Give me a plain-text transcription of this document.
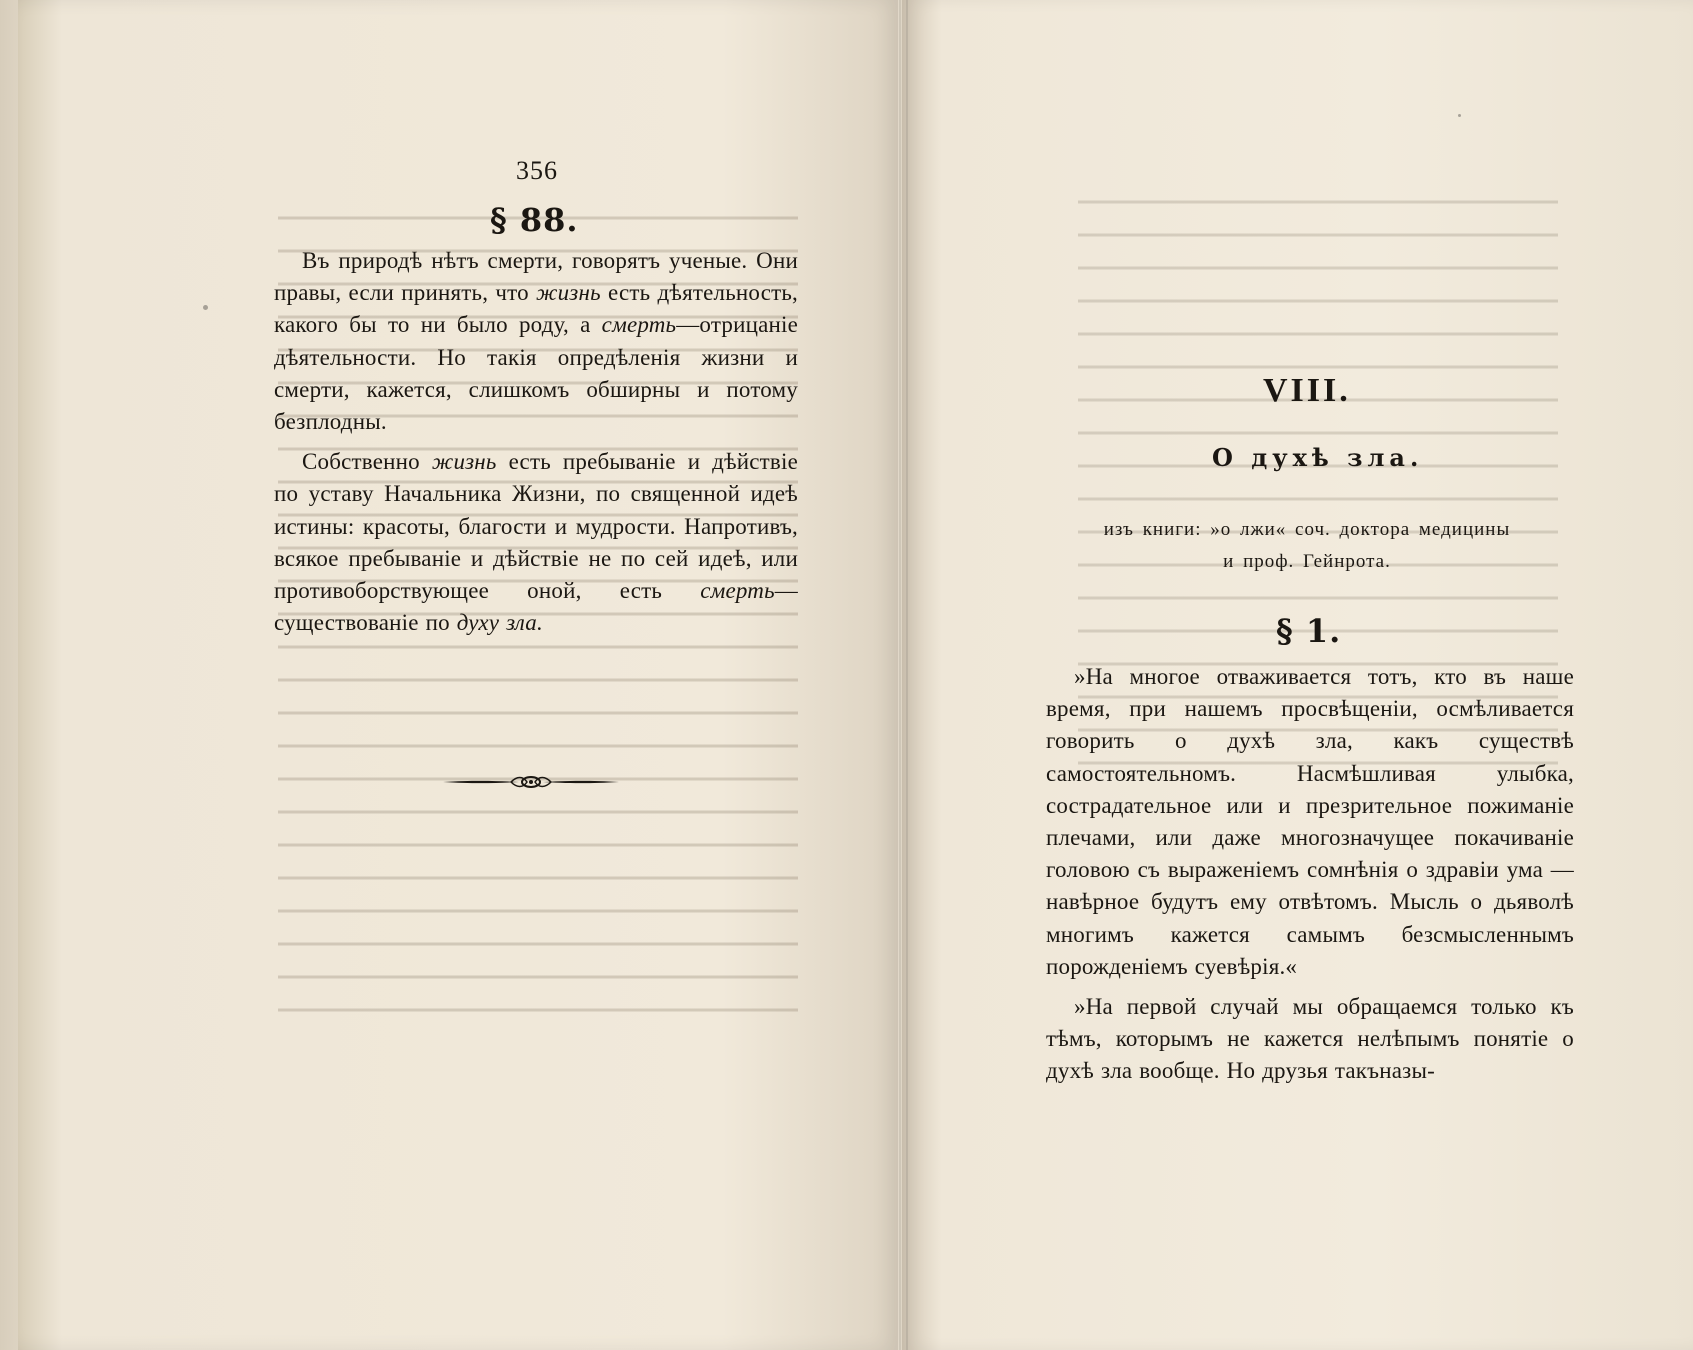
356
§ 88.

Въ природѣ нѣтъ смерти, говорятъ ученые. Они правы, если принять, что жизнь есть дѣятельность, какого бы то ни было роду, а смерть—отрицаніе дѣятельности. Но такія опредѣленія жизни и смерти, кажется, слишкомъ обширны и потому безплодны.

Собственно жизнь есть пребываніе и дѣйствіе по уставу Начальника Жизни, по священной идеѣ истины: красоты, благости и мудрости. Напротивъ, всякое пребываніе и дѣйствіе не по сей идеѣ, или противоборствующее оной, есть смерть—существованіе по духу зла.

VIII.
О духѣ зла.
изъ книги: »о лжи« соч. доктора медицины
и проф. Гейнрота.
§ 1.

»На многое отваживается тотъ, кто въ наше время, при нашемъ просвѣщеніи, осмѣливается говорить о духѣ зла, какъ существѣ самостоятельномъ. Насмѣшливая улыбка, сострадательное или и презрительное пожиманіе плечами, или даже многозначущее покачиваніе головою съ выраженіемъ сомнѣнія о здравіи ума — навѣрное будутъ ему отвѣтомъ. Мысль о дьяволѣ многимъ кажется самымъ безсмысленнымъ порожденіемъ суевѣрія.«

»На первой случай мы обращаемся только къ тѣмъ, которымъ не кажется нелѣпымъ понятіе о духѣ зла вообще. Но друзья такъназы-
